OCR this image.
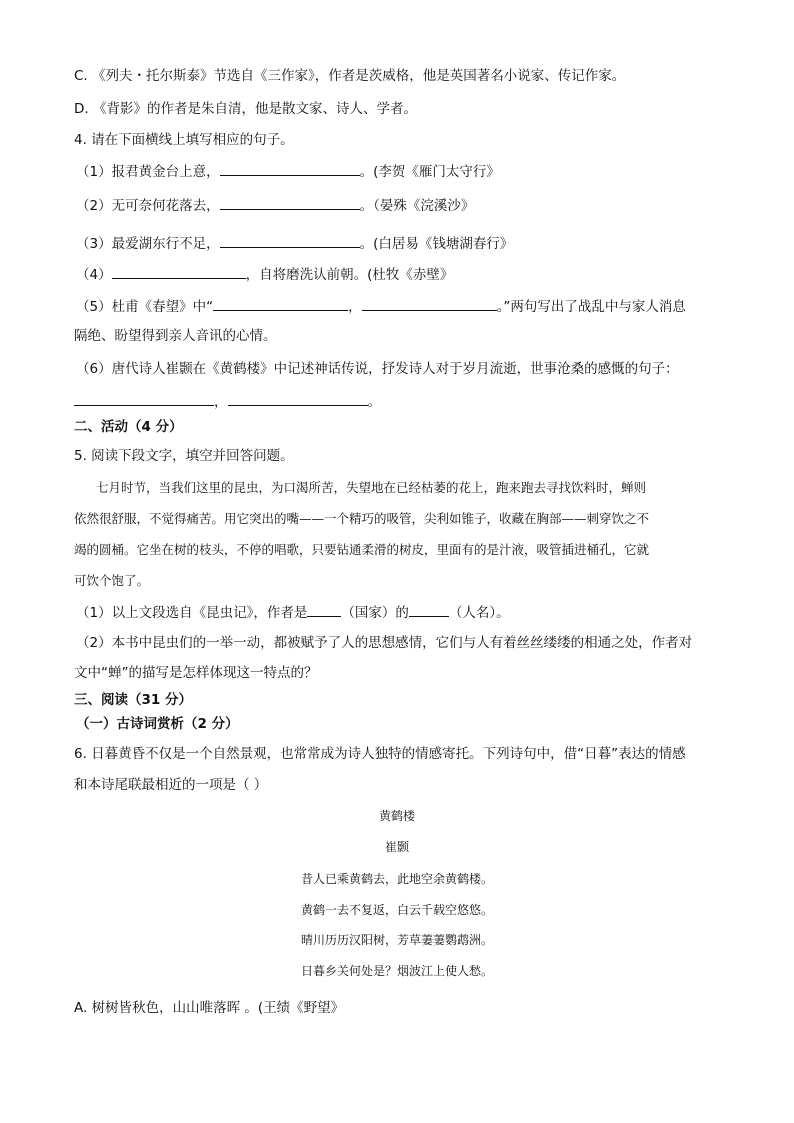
C. 《列夫・托尔斯泰》节选自《三作家》，作者是茨威格，他是英国著名小说家、传记作家。
D. 《背影》的作者是朱自清，他是散文家、诗人、学者。
4. 请在下面横线上填写相应的句子。
（1）报君黄金台上意，	。(李贺《雁门太守行》
（2）无可奈何花落去，	。（晏殊《浣溪沙》
（3）最爱湖东行不足，	。(白居易《钱塘湖春行》
（4）	，自将磨洗认前朝。(杜牧《赤壁》
（5）杜甫《春望》中“	，	。”两句写出了战乱中与家人消息
隔绝、盼望得到亲人音讯的心情。
（6）唐代诗人崔颢在《黄鹤楼》中记述神话传说，抒发诗人对于岁月流逝，世事沧桑的感慨的句子：
，	。
二、活动（4 分）
5. 阅读下段文字，填空并回答问题。
七月时节，当我们这里的昆虫，为口渴所苦，失望地在已经枯萎的花上，跑来跑去寻找饮料时，蝉则
依然很舒服，不觉得痛苦。用它突出的嘴——一个精巧的吸管，尖利如锥子，收藏在胸部——刺穿饮之不
竭的圆桶。它坐在树的枝头，不停的唱歌，只要钻通柔滑的树皮，里面有的是汁液，吸管插进桶孔，它就
可饮个饱了。
（1）以上文段选自《昆虫记》，作者是	（国家）的	（人名）。
（2）本书中昆虫们的一举一动，都被赋予了人的思想感情，它们与人有着丝丝缕缕的相通之处，作者对
文中“蝉”的描写是怎样体现这一特点的？
三、阅读（31 分）
（一）古诗词赏析（2 分）
6. 日暮黄昏不仅是一个自然景观，也常常成为诗人独特的情感寄托。下列诗句中，借“日暮”表达的情感
和本诗尾联最相近的一项是（ ）
黄鹤楼
崔颢
昔人已乘黄鹤去，此地空余黄鹤楼。
黄鹤一去不复返，白云千载空悠悠。
晴川历历汉阳树，芳草萋萋鹦鹉洲。
日暮乡关何处是？烟波江上使人愁。
A. 树树皆秋色，山山唯落晖 。(王绩《野望》
